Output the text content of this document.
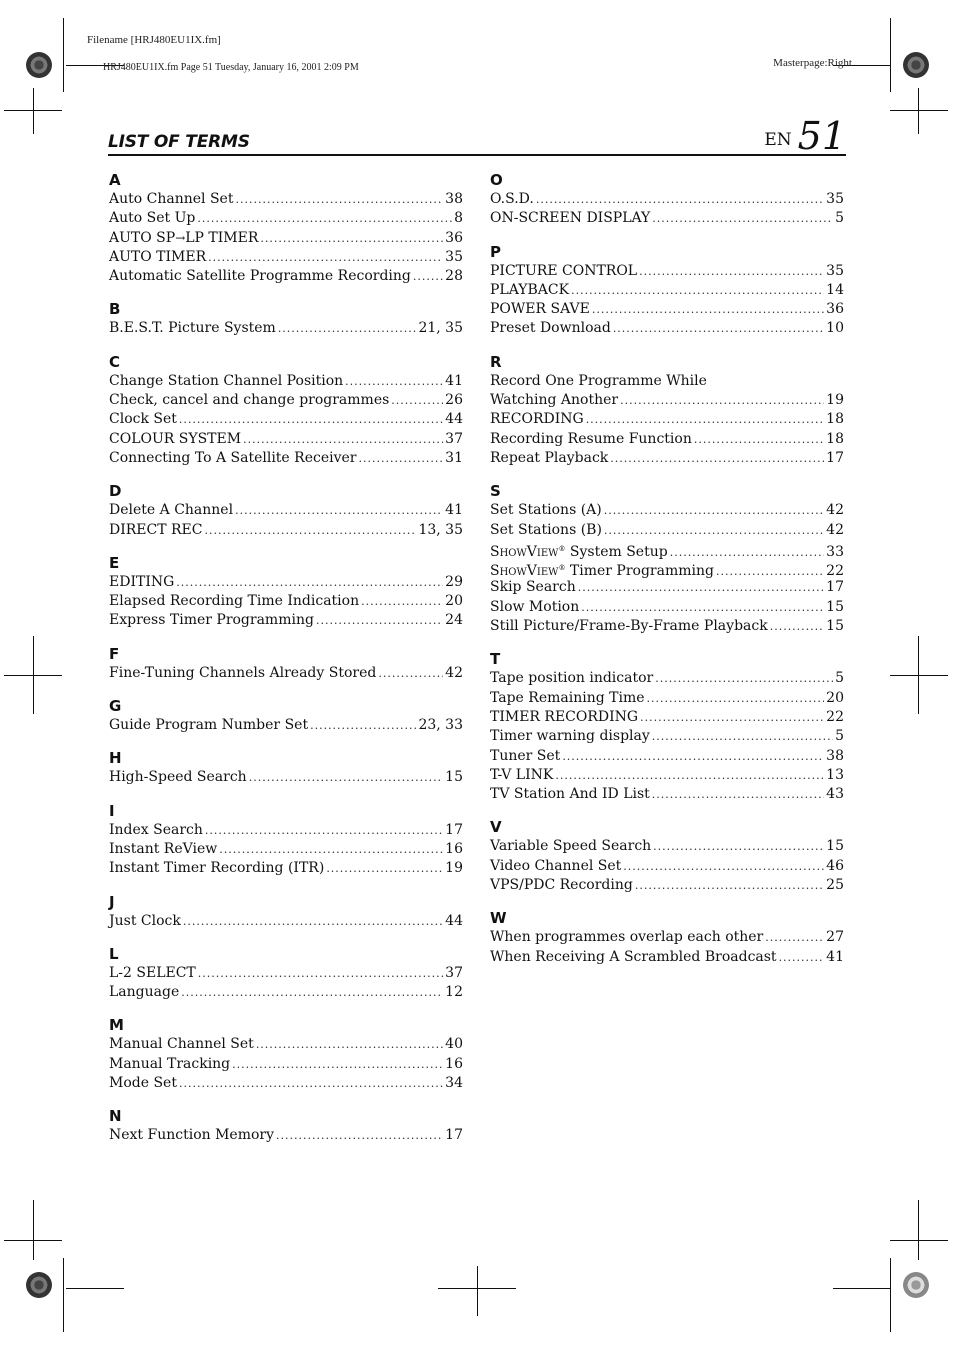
Filename [HRJ480EU1IX.fm]
HRJ480EU1IX.fm Page 51 Tuesday, January 16, 2001 2:09 PM	Masterpage:Right
LIST OF TERMS	EN 51
A
Auto Channel Set .....	38
Auto Set Up .....	8
AUTO SP→LP TIMER .....	36
AUTO TIMER .....	35
Automatic Satellite Programme Recording ..... 28
B
B.E.S.T. Picture System .....	21, 35
C
Change Station Channel Position .....	41
Check, cancel and change programmes .....	26
Clock Set .....	44
COLOUR SYSTEM .....	37
Connecting To A Satellite Receiver .....	31
D
Delete A Channel .....	41
DIRECT REC .....	13, 35
E
EDITING .....	29
Elapsed Recording Time Indication .....	20
Express Timer Programming .....	24
F
Fine-Tuning Channels Already Stored .....	42
G
Guide Program Number Set .....	23, 33
H
High-Speed Search .....	15
I
Index Search .....	17
Instant ReView .....	16
Instant Timer Recording (ITR) .....	19
J
Just Clock .....	44
L
L-2 SELECT .....	37
Language .....	12
M
Manual Channel Set .....	40
Manual Tracking .....	16
Mode Set .....	34
N
Next Function Memory .....	17
O
O.S.D. .....	35
ON-SCREEN DISPLAY .....	5
P
PICTURE CONTROL .....	35
PLAYBACK .....	14
POWER SAVE .....	36
Preset Download .....	10
R
Record One Programme While
Watching Another .....	19
RECORDING .....	18
Recording Resume Function .....	18
Repeat Playback .....	17
S
Set Stations (A) .....	42
Set Stations (B) .....	42
ShowView® System Setup .....	33
ShowView® Timer Programming .....	22
Skip Search .....	17
Slow Motion .....	15
Still Picture/Frame-By-Frame Playback .....	15
T
Tape position indicator .....	5
Tape Remaining Time .....	20
TIMER RECORDING .....	22
Timer warning display .....	5
Tuner Set .....	38
T-V LINK .....	13
TV Station And ID List .....	43
V
Variable Speed Search .....	15
Video Channel Set .....	46
VPS/PDC Recording .....	25
W
When programmes overlap each other .....	27
When Receiving A Scrambled Broadcast .....	41
